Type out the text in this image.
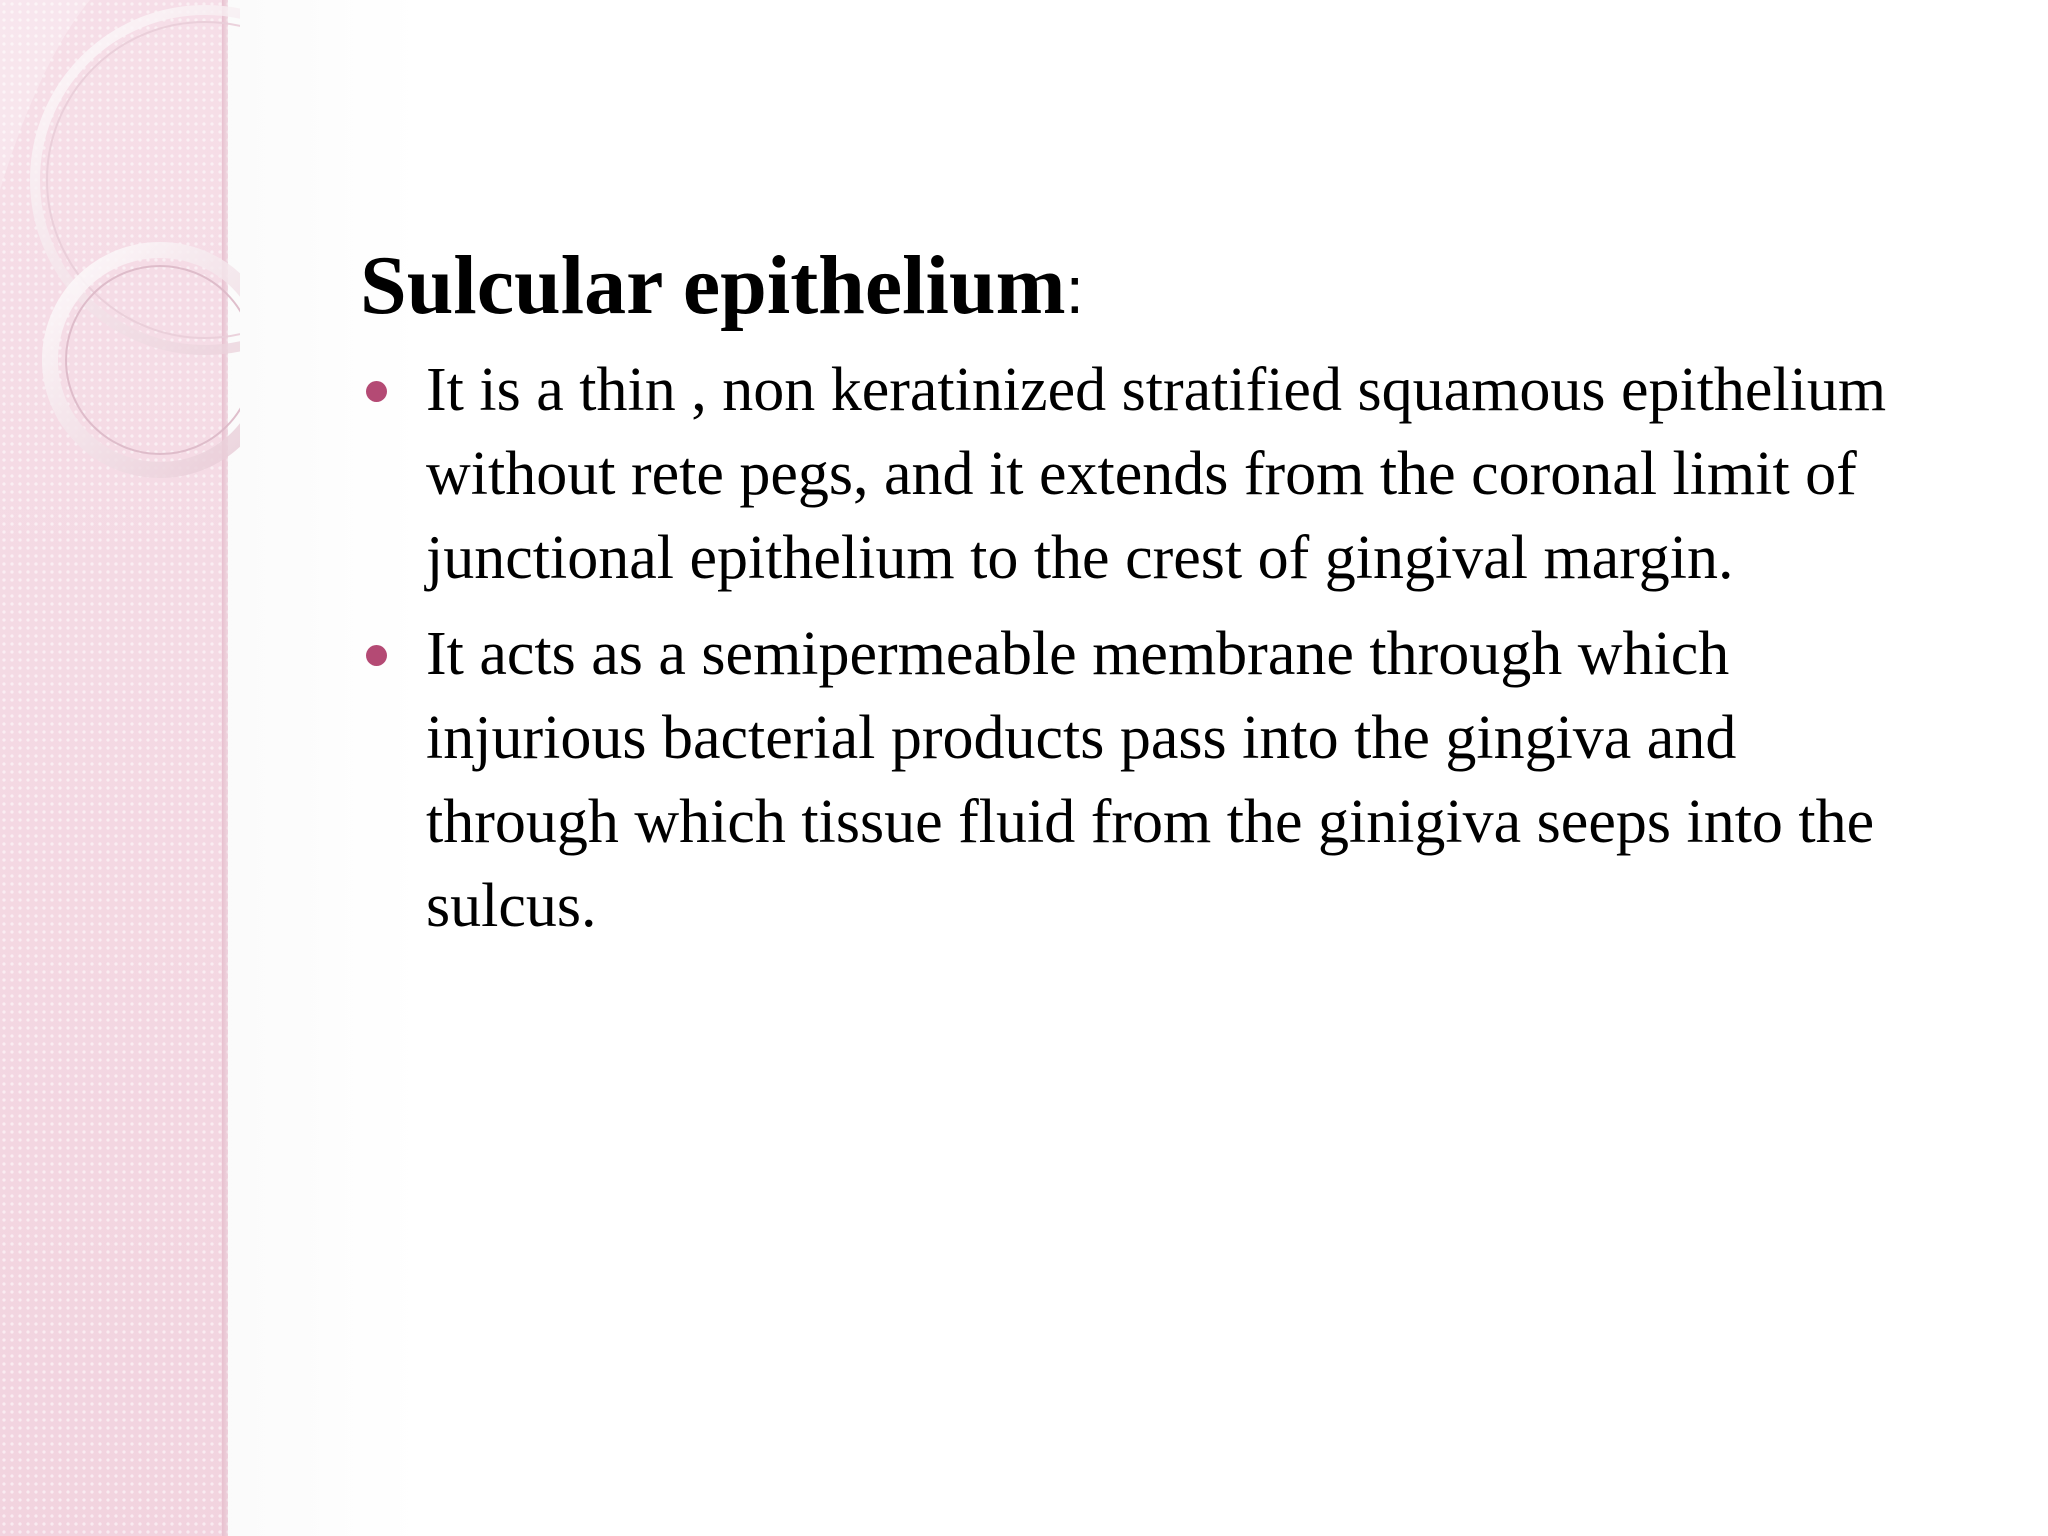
Sulcular epithelium:
It is a thin , non keratinized stratified squamous epithelium without rete pegs, and it extends from the coronal limit of junctional epithelium to the crest of gingival margin.
It acts as a semipermeable membrane through which injurious bacterial products pass into the gingiva and through which tissue fluid from the ginigiva seeps into the sulcus.
